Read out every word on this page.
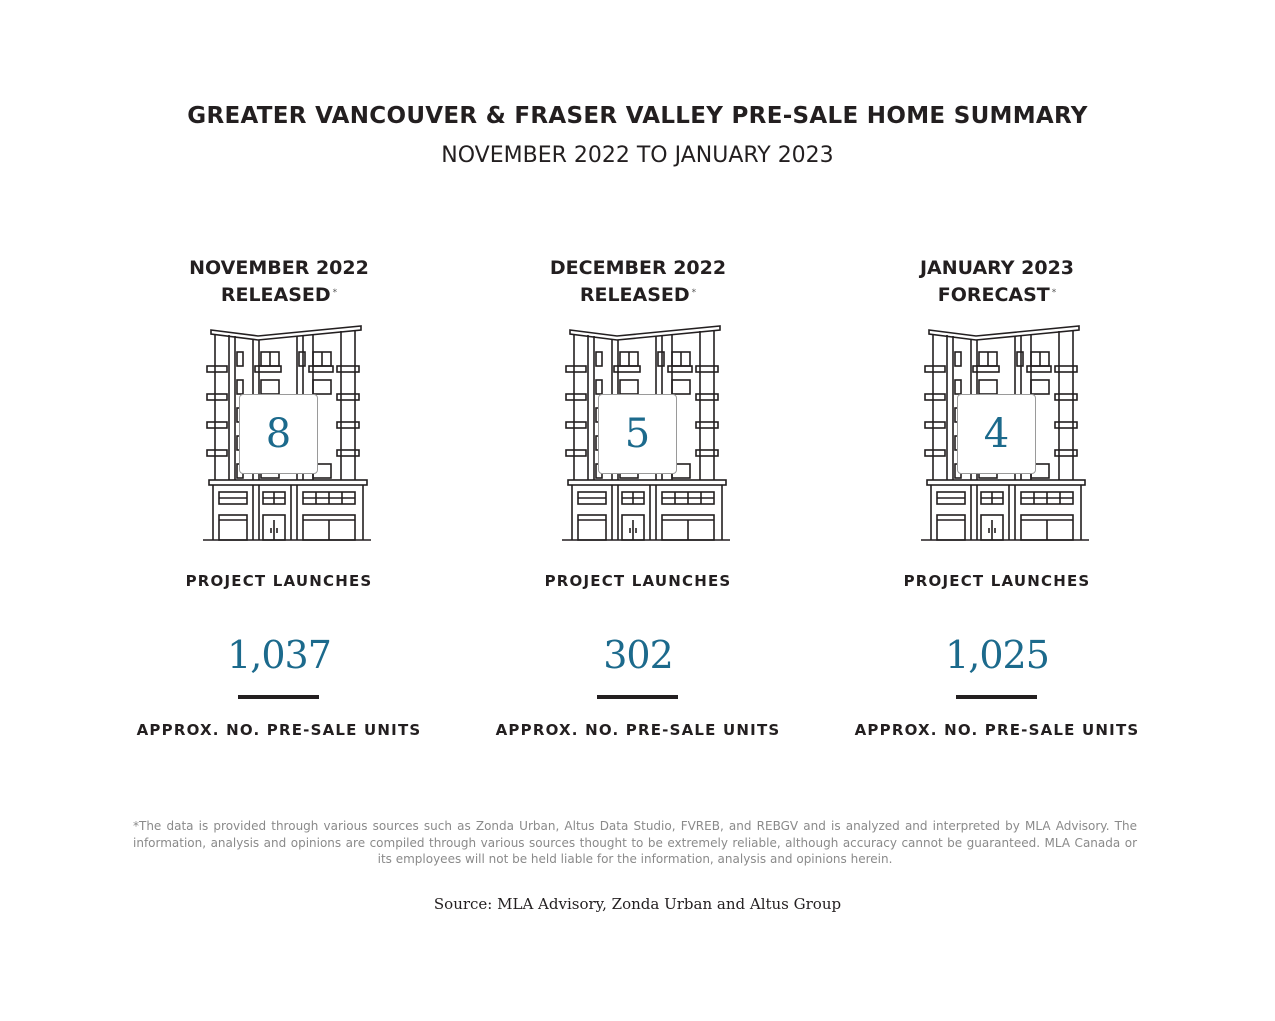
GREATER VANCOUVER & FRASER VALLEY PRE-SALE HOME SUMMARY
NOVEMBER 2022 TO JANUARY 2023
NOVEMBER 2022
RELEASED *
8
PROJECT LAUNCHES
1,037
APPROX. NO. PRE-SALE UNITS
DECEMBER 2022
RELEASED *
5
PROJECT LAUNCHES
302
APPROX. NO. PRE-SALE UNITS
JANUARY 2023
FORECAST *
4
PROJECT LAUNCHES
1,025
APPROX. NO. PRE-SALE UNITS
*The data is provided through various sources such as Zonda Urban, Altus Data Studio, FVREB, and REBGV and is analyzed and interpreted by MLA Advisory. The information, analysis and opinions are compiled through various sources thought to be extremely reliable, although accuracy cannot be guaranteed. MLA Canada or its employees will not be held liable for the information, analysis and opinions herein.
Source: MLA Advisory, Zonda Urban and Altus Group
